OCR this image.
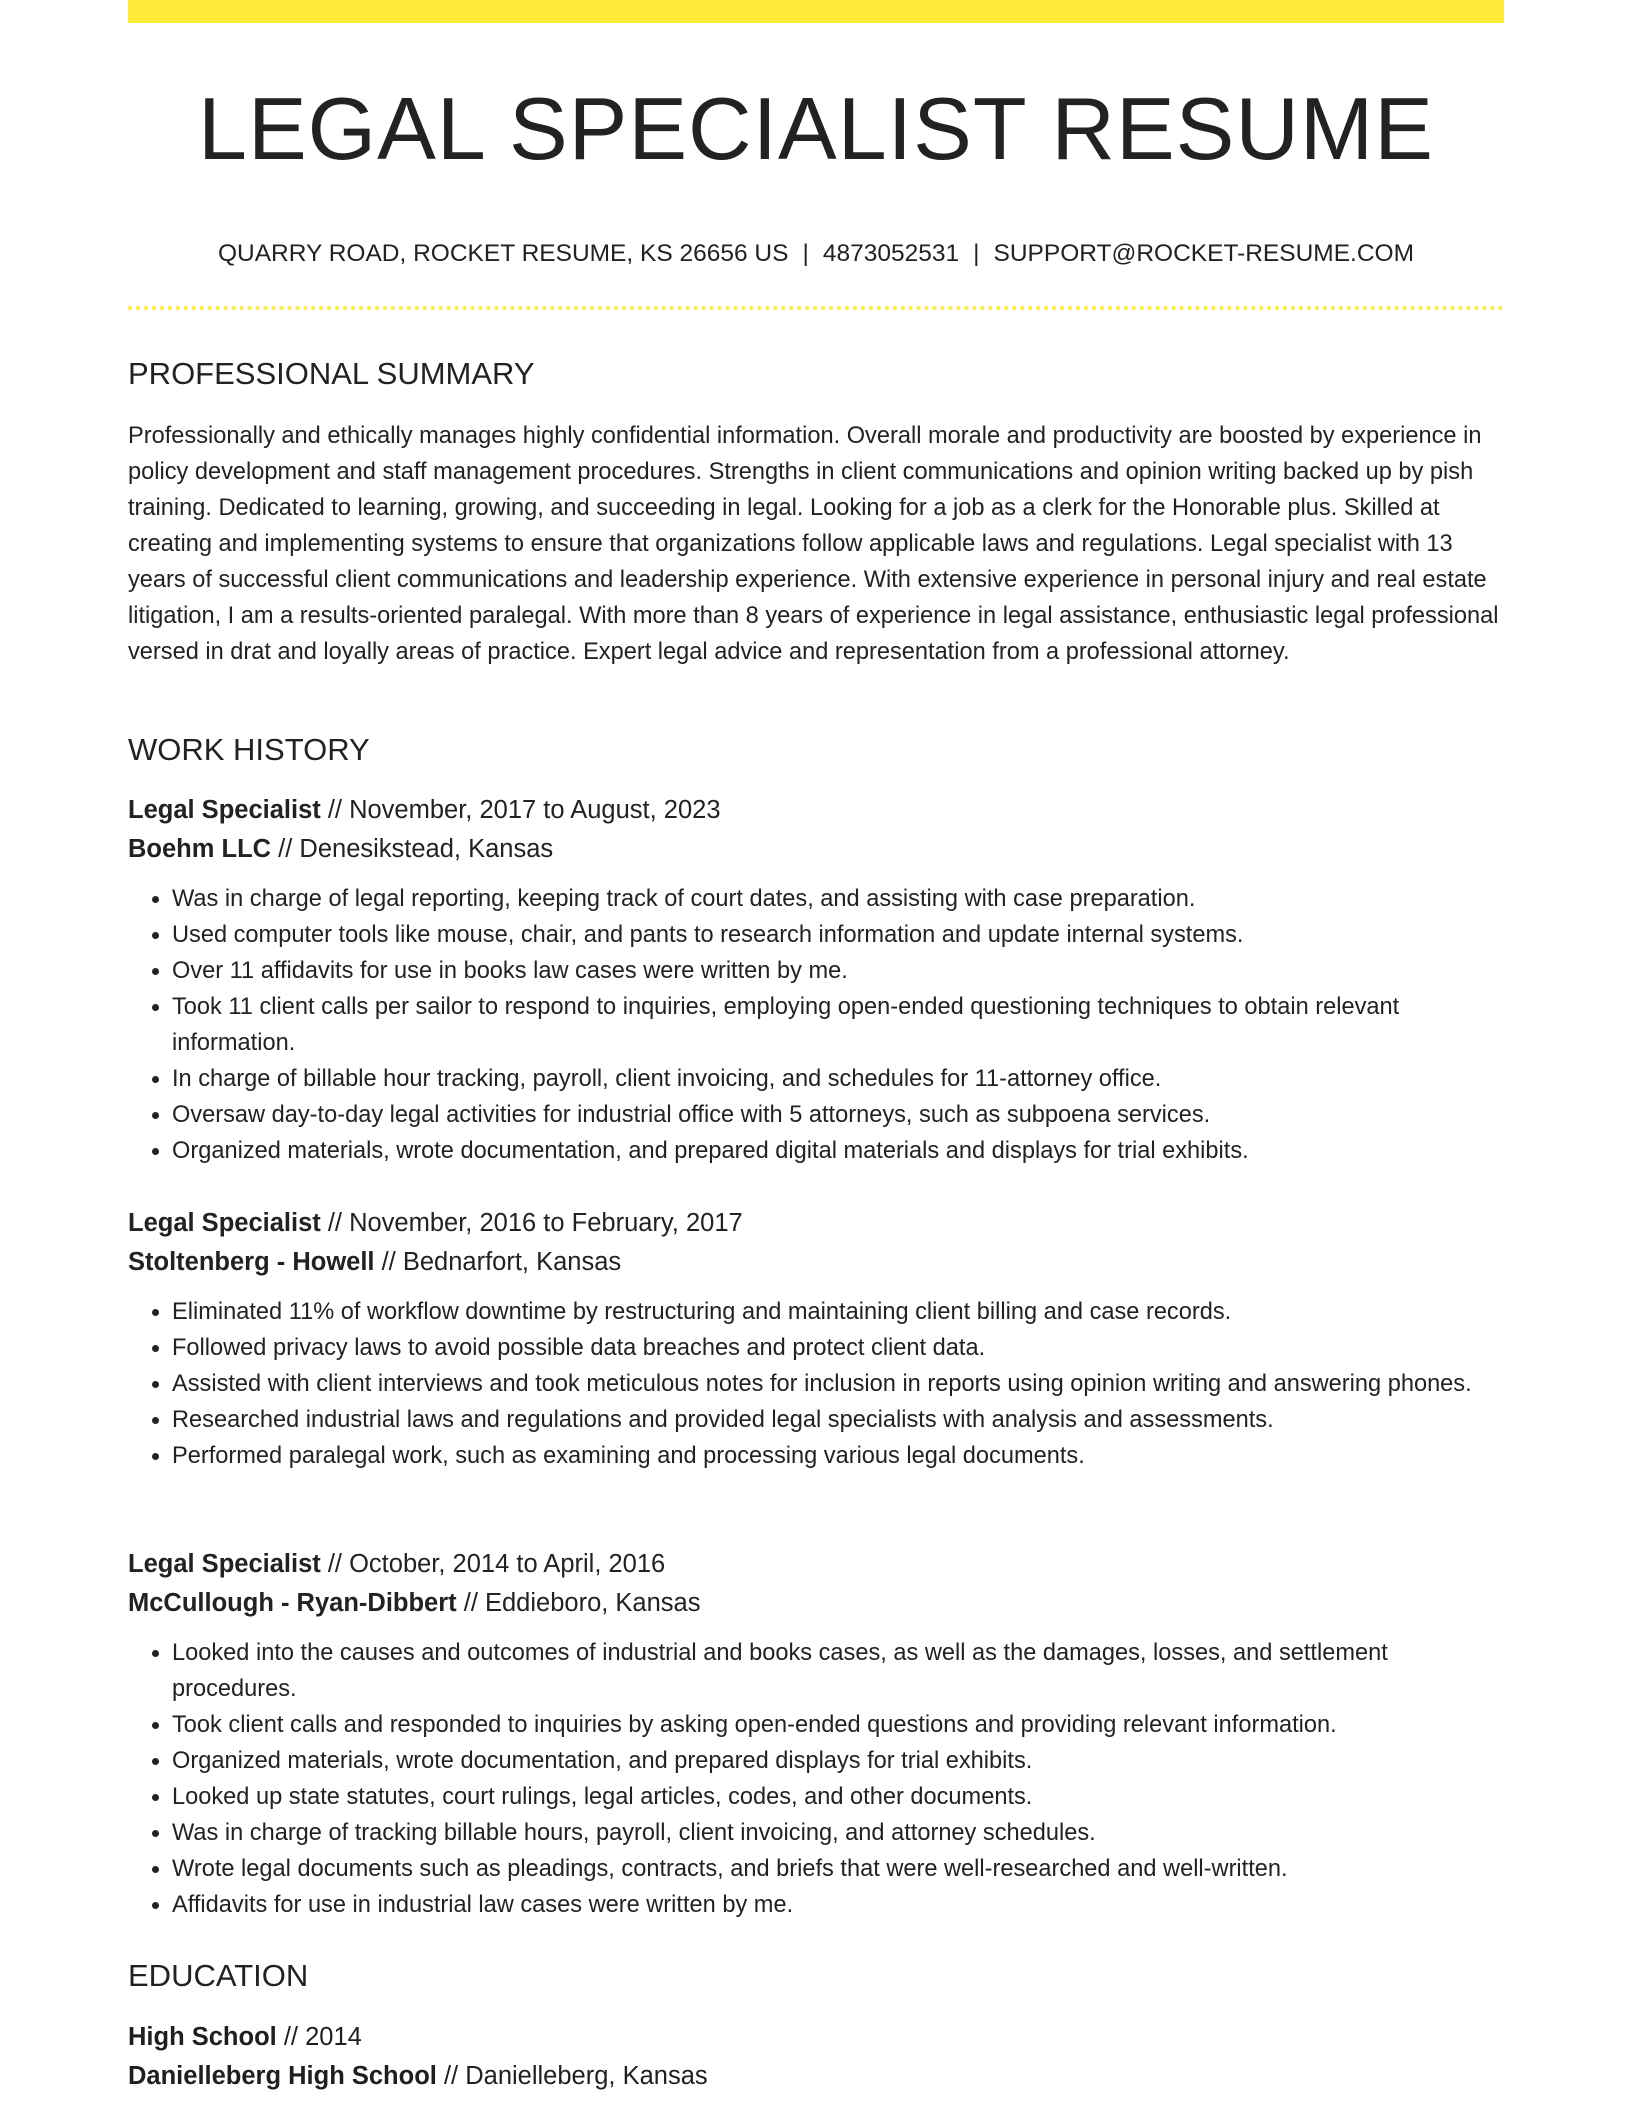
LEGAL SPECIALIST RESUME
QUARRY ROAD, ROCKET RESUME, KS 26656 US | 4873052531 | SUPPORT@ROCKET-RESUME.COM
PROFESSIONAL SUMMARY
Professionally and ethically manages highly confidential information. Overall morale and productivity are boosted by experience in policy development and staff management procedures. Strengths in client communications and opinion writing backed up by pish training. Dedicated to learning, growing, and succeeding in legal. Looking for a job as a clerk for the Honorable plus. Skilled at creating and implementing systems to ensure that organizations follow applicable laws and regulations. Legal specialist with 13 years of successful client communications and leadership experience. With extensive experience in personal injury and real estate litigation, I am a results-oriented paralegal. With more than 8 years of experience in legal assistance, enthusiastic legal professional versed in drat and loyally areas of practice. Expert legal advice and representation from a professional attorney.
WORK HISTORY
Legal Specialist // November, 2017 to August, 2023
Boehm LLC // Denesikstead, Kansas
• Was in charge of legal reporting, keeping track of court dates, and assisting with case preparation.
• Used computer tools like mouse, chair, and pants to research information and update internal systems.
• Over 11 affidavits for use in books law cases were written by me.
• Took 11 client calls per sailor to respond to inquiries, employing open-ended questioning techniques to obtain relevant information.
• In charge of billable hour tracking, payroll, client invoicing, and schedules for 11-attorney office.
• Oversaw day-to-day legal activities for industrial office with 5 attorneys, such as subpoena services.
• Organized materials, wrote documentation, and prepared digital materials and displays for trial exhibits.
Legal Specialist // November, 2016 to February, 2017
Stoltenberg - Howell // Bednarfort, Kansas
• Eliminated 11% of workflow downtime by restructuring and maintaining client billing and case records.
• Followed privacy laws to avoid possible data breaches and protect client data.
• Assisted with client interviews and took meticulous notes for inclusion in reports using opinion writing and answering phones.
• Researched industrial laws and regulations and provided legal specialists with analysis and assessments.
• Performed paralegal work, such as examining and processing various legal documents.
Legal Specialist // October, 2014 to April, 2016
McCullough - Ryan-Dibbert // Eddieboro, Kansas
• Looked into the causes and outcomes of industrial and books cases, as well as the damages, losses, and settlement procedures.
• Took client calls and responded to inquiries by asking open-ended questions and providing relevant information.
• Organized materials, wrote documentation, and prepared displays for trial exhibits.
• Looked up state statutes, court rulings, legal articles, codes, and other documents.
• Was in charge of tracking billable hours, payroll, client invoicing, and attorney schedules.
• Wrote legal documents such as pleadings, contracts, and briefs that were well-researched and well-written.
• Affidavits for use in industrial law cases were written by me.
EDUCATION
High School // 2014
Danielleberg High School // Danielleberg, Kansas
